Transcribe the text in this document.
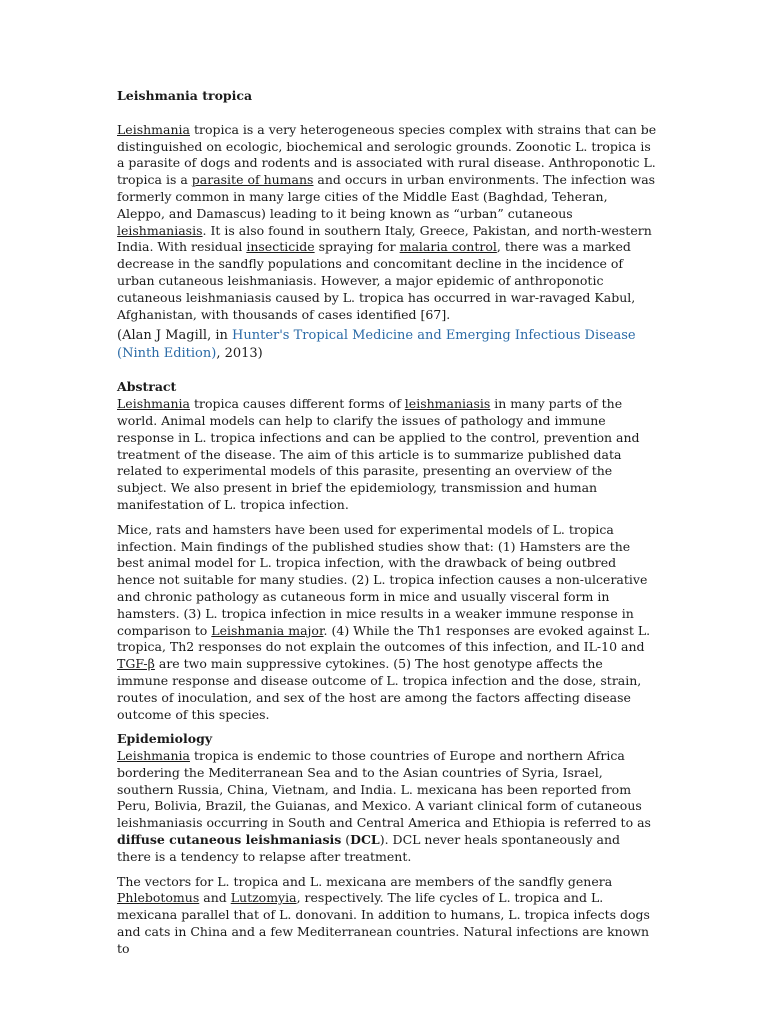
Leishmania tropica

Leishmania tropica is a very heterogeneous species complex with strains that can be distinguished on ecologic, biochemical and serologic grounds. Zoonotic L. tropica is a parasite of dogs and rodents and is associated with rural disease. Anthroponotic L. tropica is a parasite of humans and occurs in urban environments. The infection was formerly common in many large cities of the Middle East (Baghdad, Teheran, Aleppo, and Damascus) leading to it being known as “urban” cutaneous leishmaniasis. It is also found in southern Italy, Greece, Pakistan, and north-western India. With residual insecticide spraying for malaria control, there was a marked decrease in the sandfly populations and concomitant decline in the incidence of urban cutaneous leishmaniasis. However, a major epidemic of anthroponotic cutaneous leishmaniasis caused by L. tropica has occurred in war-ravaged Kabul, Afghanistan, with thousands of cases identified [67].

(Alan J Magill, in Hunter's Tropical Medicine and Emerging Infectious Disease (Ninth Edition), 2013)

Abstract

Leishmania tropica causes different forms of leishmaniasis in many parts of the world. Animal models can help to clarify the issues of pathology and immune response in L. tropica infections and can be applied to the control, prevention and treatment of the disease. The aim of this article is to summarize published data related to experimental models of this parasite, presenting an overview of the subject. We also present in brief the epidemiology, transmission and human manifestation of L. tropica infection.

Mice, rats and hamsters have been used for experimental models of L. tropica infection. Main findings of the published studies show that: (1) Hamsters are the best animal model for L. tropica infection, with the drawback of being outbred hence not suitable for many studies. (2) L. tropica infection causes a non-ulcerative and chronic pathology as cutaneous form in mice and usually visceral form in hamsters. (3) L. tropica infection in mice results in a weaker immune response in comparison to Leishmania major. (4) While the Th1 responses are evoked against L. tropica, Th2 responses do not explain the outcomes of this infection, and IL-10 and TGF-β are two main suppressive cytokines. (5) The host genotype affects the immune response and disease outcome of L. tropica infection and the dose, strain, routes of inoculation, and sex of the host are among the factors affecting disease outcome of this species.

Epidemiology

Leishmania tropica is endemic to those countries of Europe and northern Africa bordering the Mediterranean Sea and to the Asian countries of Syria, Israel, southern Russia, China, Vietnam, and India. L. mexicana has been reported from Peru, Bolivia, Brazil, the Guianas, and Mexico. A variant clinical form of cutaneous leishmaniasis occurring in South and Central America and Ethiopia is referred to as diffuse cutaneous leishmaniasis (DCL). DCL never heals spontaneously and there is a tendency to relapse after treatment.

The vectors for L. tropica and L. mexicana are members of the sandfly genera Phlebotomus and Lutzomyia, respectively. The life cycles of L. tropica and L. mexicana parallel that of L. donovani. In addition to humans, L. tropica infects dogs and cats in China and a few Mediterranean countries. Natural infections are known to
